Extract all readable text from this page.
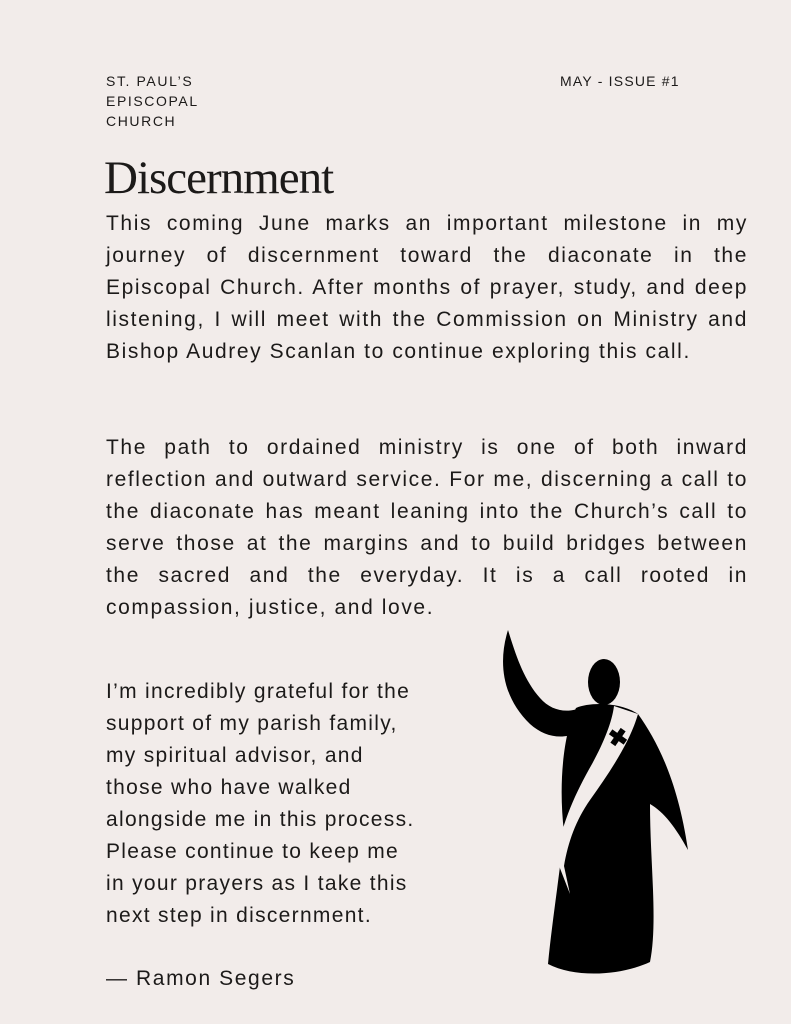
ST. PAUL’S
EPISCOPAL
CHURCH
MAY - ISSUE #1
Discernment

This coming June marks an important milestone in my journey of discernment toward the diaconate in the Episcopal Church. After months of prayer, study, and deep listening, I will meet with the Commission on Ministry and Bishop Audrey Scanlan to continue exploring this call.

The path to ordained ministry is one of both inward reflection and outward service. For me, discerning a call to the diaconate has meant leaning into the Church’s call to serve those at the margins and to build bridges between the sacred and the everyday. It is a call rooted in compassion, justice, and love.

I’m incredibly grateful for the
support of my parish family,
my spiritual advisor, and
those who have walked
alongside me in this process.
Please continue to keep me
in your prayers as I take this
next step in discernment.

— Ramon Segers
